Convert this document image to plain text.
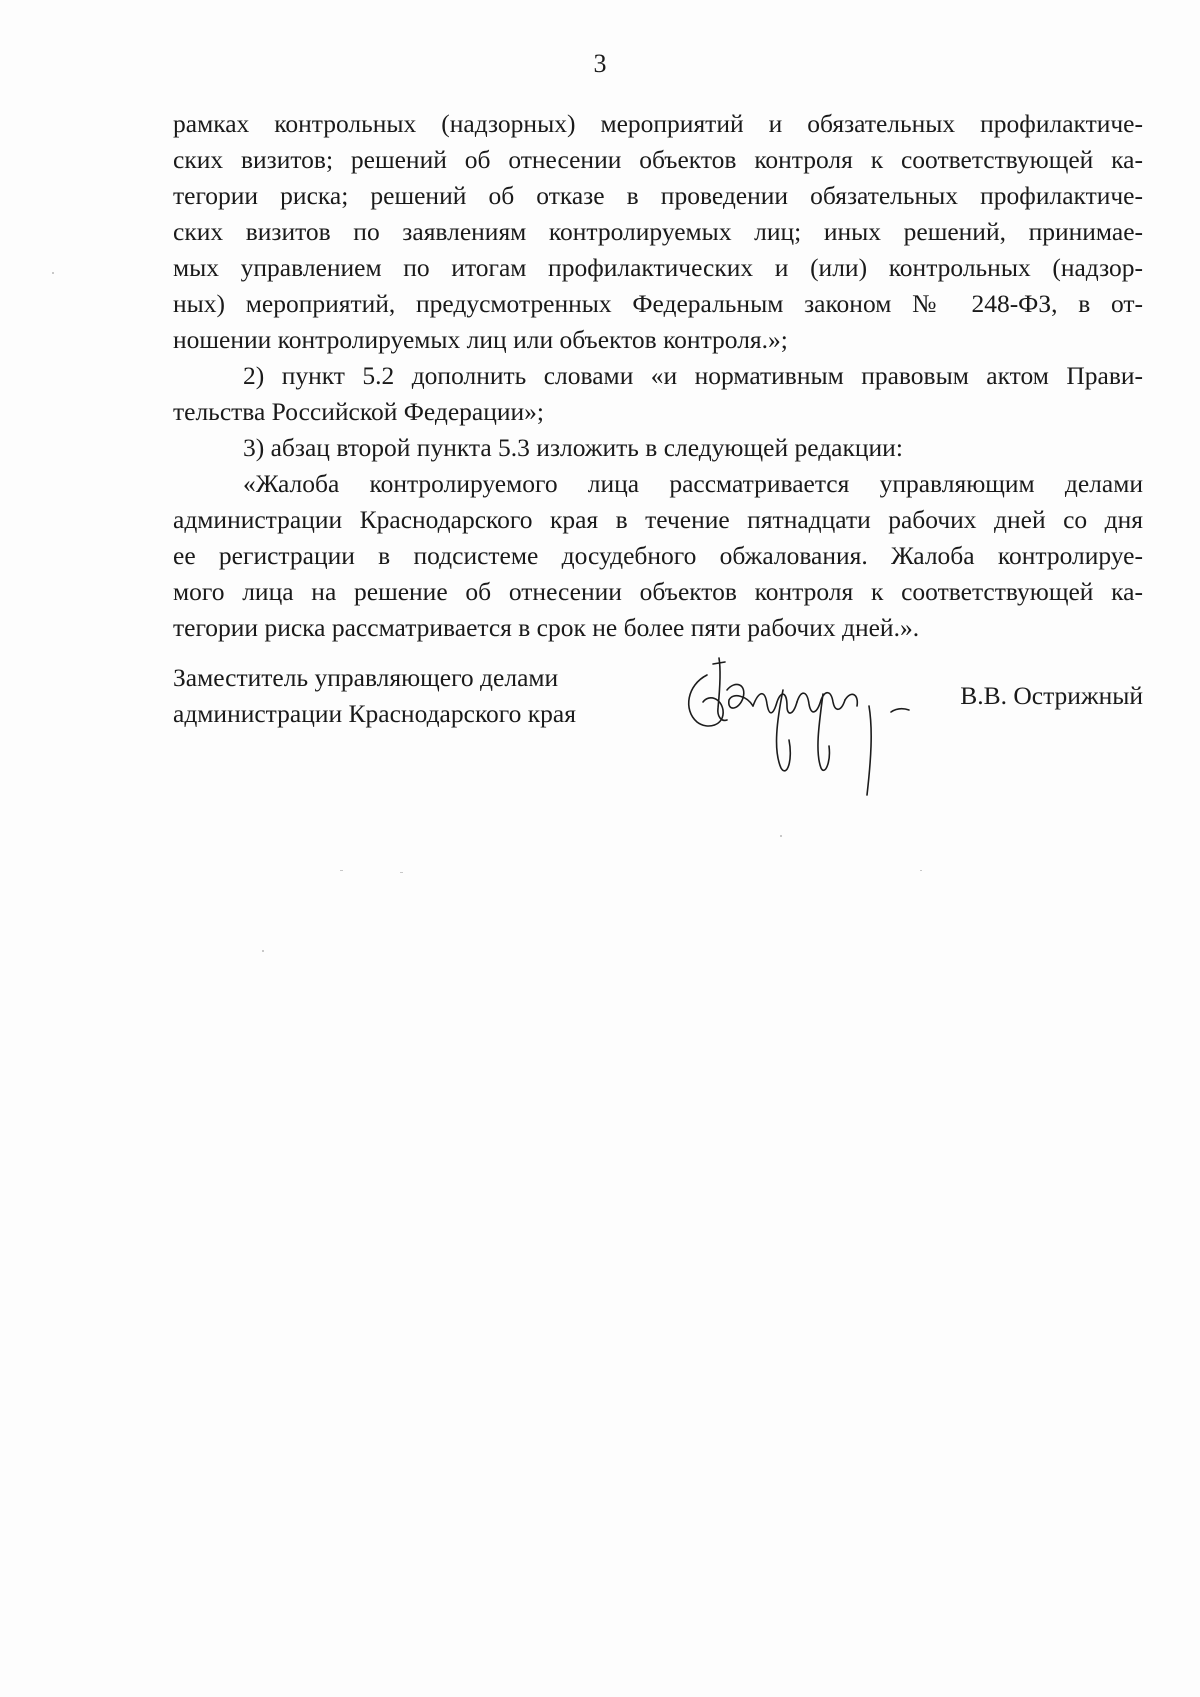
3
рамках контрольных (надзорных) мероприятий и обязательных профилактиче-
ских визитов; решений об отнесении объектов контроля к соответствующей ка-
тегории риска; решений об отказе в проведении обязательных профилактиче-
ских визитов по заявлениям контролируемых лиц; иных решений, принимае-
мых управлением по итогам профилактических и (или) контрольных (надзор-
ных) мероприятий, предусмотренных Федеральным законом № 248-ФЗ, в от-
ношении контролируемых лиц или объектов контроля.»;
2) пункт 5.2 дополнить словами «и нормативным правовым актом Прави-
тельства Российской Федерации»;
3) абзац второй пункта 5.3 изложить в следующей редакции:
«Жалоба контролируемого лица рассматривается управляющим делами
администрации Краснодарского края в течение пятнадцати рабочих дней со дня
ее регистрации в подсистеме досудебного обжалования. Жалоба контролируе-
мого лица на решение об отнесении объектов контроля к соответствующей ка-
тегории риска рассматривается в срок не более пяти рабочих дней.».
Заместитель управляющего делами
администрации Краснодарского края
В.В. Острижный
